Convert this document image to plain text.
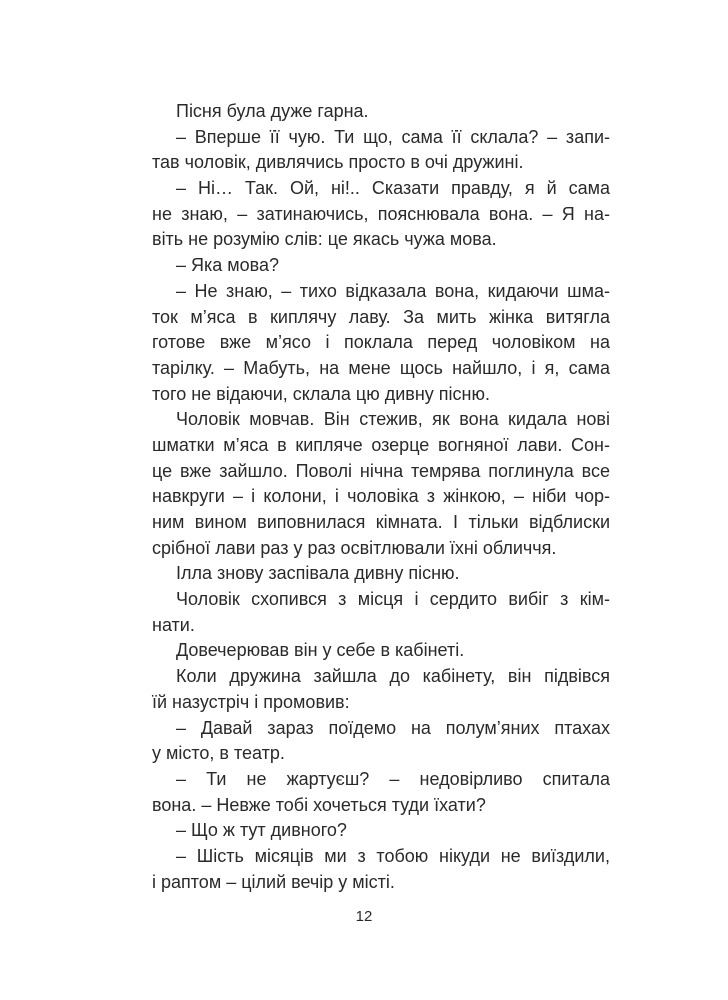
Пісня була дуже гарна.
– Вперше її чую. Ти що, сама її склала? – запи-
тав чоловік, дивлячись просто в очі дружині.
– Ні… Так. Ой, ні!.. Сказати правду, я й сама
не знаю, – затинаючись, пояснювала вона. – Я на-
віть не розумію слів: це якась чужа мова.
– Яка мова?
– Не знаю, – тихо відказала вона, кидаючи шма-
ток м’яса в киплячу лаву. За мить жінка витягла
готове вже м’ясо і поклала перед чоловіком на
тарілку. – Мабуть, на мене щось найшло, і я, сама
того не відаючи, склала цю дивну пісню.
Чоловік мовчав. Він стежив, як вона кидала нові
шматки м’яса в кипляче озерце вогняної лави. Сон-
це вже зайшло. Поволі нічна темрява поглинула все
навкруги – і колони, і чоловіка з жінкою, – ніби чор-
ним вином виповнилася кімната. І тільки відблиски
срібної лави раз у раз освітлювали їхні обличчя.
Ілла знову заспівала дивну пісню.
Чоловік схопився з місця і сердито вибіг з кім-
нати.
Довечерював він у себе в кабінеті.
Коли дружина зайшла до кабінету, він підвівся
їй назустріч і промовив:
– Давай зараз поїдемо на полум’яних птахах
у місто, в театр.
– Ти не жартуєш? – недовірливо спитала
вона. – Невже тобі хочеться туди їхати?
– Що ж тут дивного?
– Шість місяців ми з тобою нікуди не виїздили,
і раптом – цілий вечір у місті.
12
